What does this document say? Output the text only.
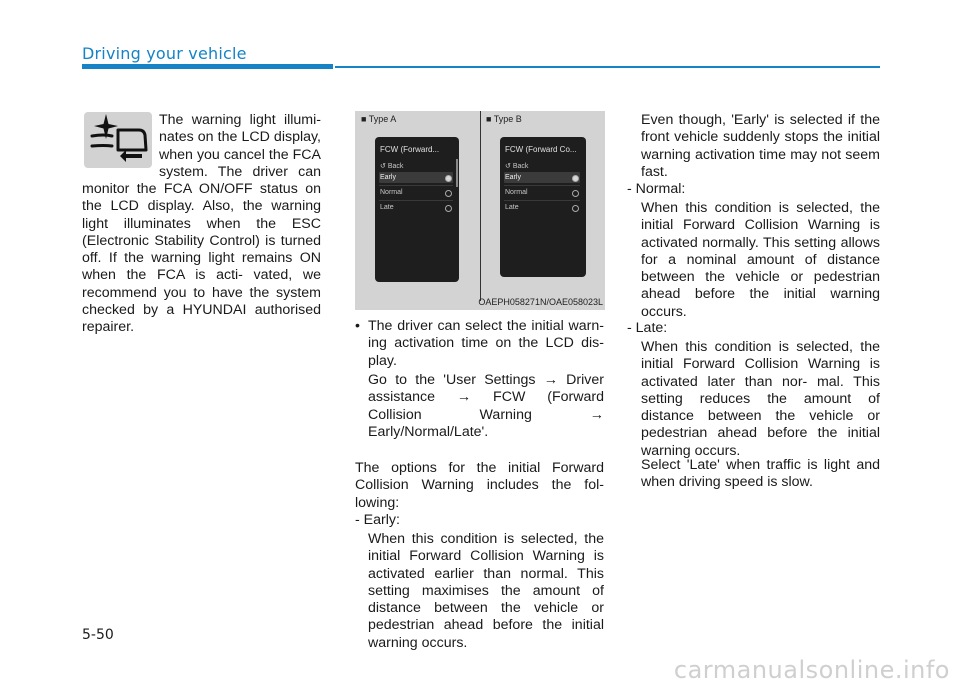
Driving your vehicle

The warning light illumi- nates on the LCD display, when you cancel the FCA system. The driver can

monitor the FCA ON/OFF status on the LCD display. Also, the warning light illuminates when the ESC (Electronic Stability Control) is turned off. If the warning light remains ON when the FCA is acti- vated, we recommend you to have the system checked by a HYUNDAI authorised repairer.

■ Type A	■ Type B
FCW (Forward...
↺ Back
Early
Normal
Late
FCW (Forward Co...
↺ Back
Early
Normal
Late
OAEPH058271N/OAE058023L
• The driver can select the initial warn- ing activation time on the LCD dis- play.

Go to the 'User Settings → Driver assistance → FCW (Forward Collision Warning → Early/Normal/Late'.

The options for the initial Forward Collision Warning includes the fol- lowing:

- Early:

When this condition is selected, the initial Forward Collision Warning is activated earlier than normal. This setting maximises the amount of distance between the vehicle or pedestrian ahead before the initial warning occurs.

Even though, 'Early' is selected if the front vehicle suddenly stops the initial warning activation time may not seem fast.

- Normal:

When this condition is selected, the initial Forward Collision Warning is activated normally. This setting allows for a nominal amount of distance between the vehicle or pedestrian ahead before the initial warning occurs.

- Late:

When this condition is selected, the initial Forward Collision Warning is activated later than nor- mal. This setting reduces the amount of distance between the vehicle or pedestrian ahead before the initial warning occurs.

Select 'Late' when traffic is light and when driving speed is slow.

5-50
carmanualsonline.info
